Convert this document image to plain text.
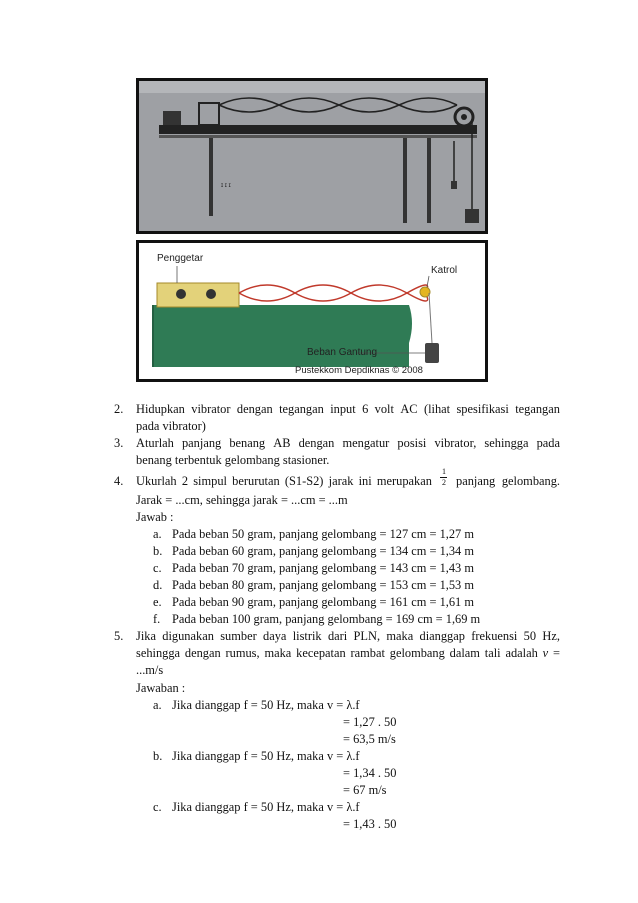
ɪ ɪ ɪ
Penggetar
Katrol
Beban Gantung
Pustekkom Depdiknas © 2008
2. Hidupkan vibrator dengan tegangan input 6 volt AC (lihat spesifikasi tegangan
pada vibrator)
3. Aturlah panjang benang AB dengan mengatur posisi vibrator, sehingga pada
benang terbentuk gelombang stasioner.
4. Ukurlah 2 simpul berurutan (S1-S2) jarak ini merupakan
1
2 panjang gelombang.
Jarak = ...cm, sehingga jarak = ...cm = ...m
Jawab :
a. Pada beban 50 gram, panjang gelombang = 127 cm = 1,27 m
b. Pada beban 60 gram, panjang gelombang = 134 cm = 1,34 m
c. Pada beban 70 gram, panjang gelombang = 143 cm = 1,43 m
d. Pada beban 80 gram, panjang gelombang = 153 cm = 1,53 m
e. Pada beban 90 gram, panjang gelombang = 161 cm = 1,61 m
f. Pada beban 100 gram, panjang gelombang = 169 cm = 1,69 m
5. Jika digunakan sumber daya listrik dari PLN, maka dianggap frekuensi 50 Hz,
sehingga dengan rumus, maka kecepatan rambat gelombang dalam tali adalah v =
...m/s
Jawaban :
a. Jika dianggap f = 50 Hz, maka v = λ.f
= 1,27 . 50
= 63,5 m/s
b. Jika dianggap f = 50 Hz, maka v = λ.f
= 1,34 . 50
= 67 m/s
c. Jika dianggap f = 50 Hz, maka v = λ.f
= 1,43 . 50
